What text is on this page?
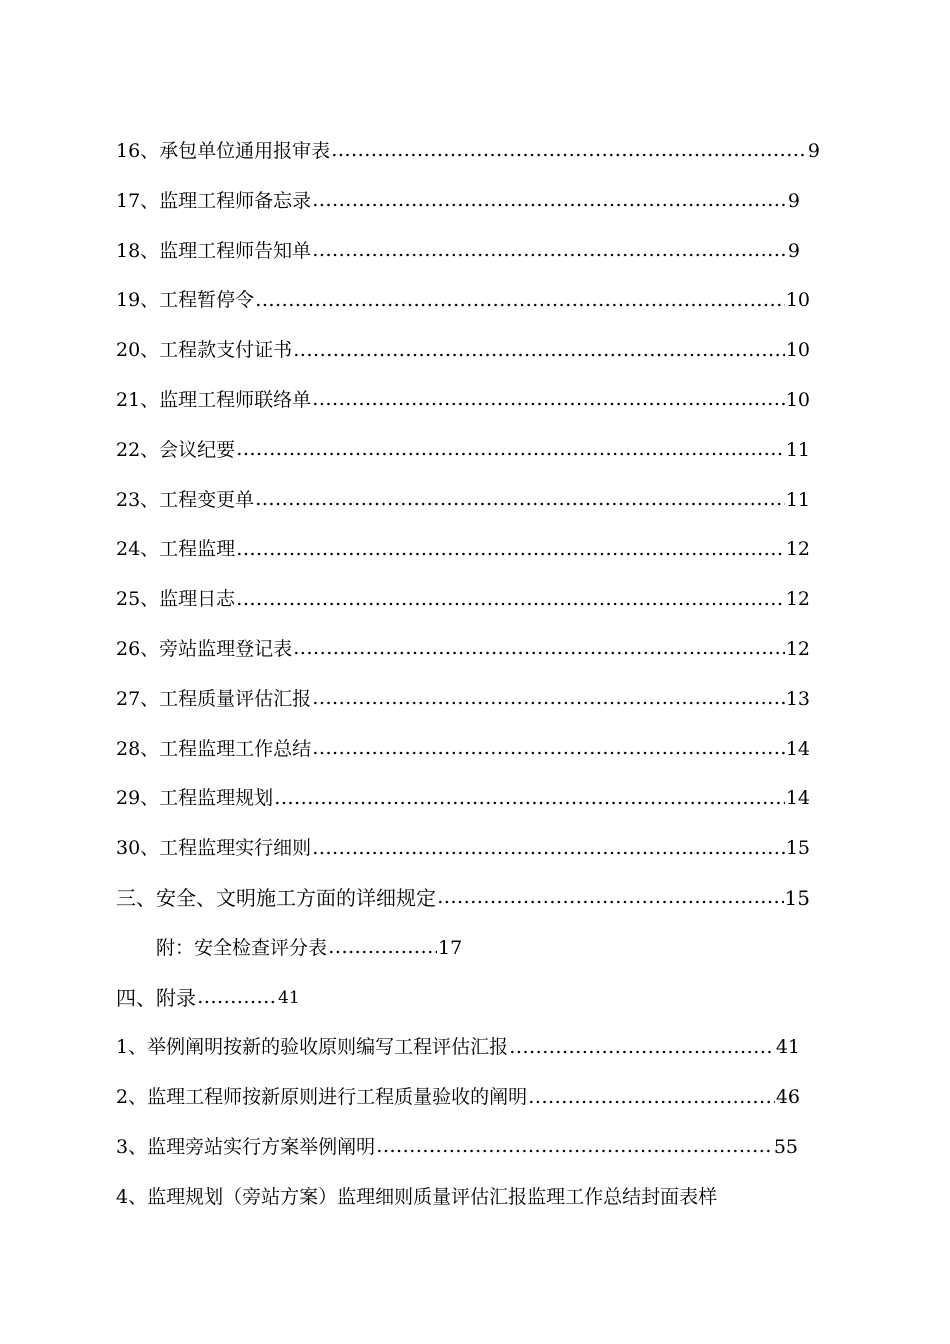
16、承包单位通用报审表	9
17、监理工程师备忘录	9
18、监理工程师告知单	9
19、工程暂停令	10
20、工程款支付证书	10
21、监理工程师联络单	10
22、会议纪要	11
23、工程变更单	11
24、工程监理	12
25、监理日志	12
26、旁站监理登记表	12
27、工程质量评估汇报	13
28、工程监理工作总结	14
29、工程监理规划	14
30、工程监理实行细则	15
三、安全、文明施工方面的详细规定	15
附：安全检查评分表	17
四、附录	41
1、举例阐明按新的验收原则编写工程评估汇报	41
2、监理工程师按新原则进行工程质量验收的阐明	46
3、监理旁站实行方案举例阐明	55
4、监理规划（旁站方案）监理细则质量评估汇报监理工作总结封面表样
